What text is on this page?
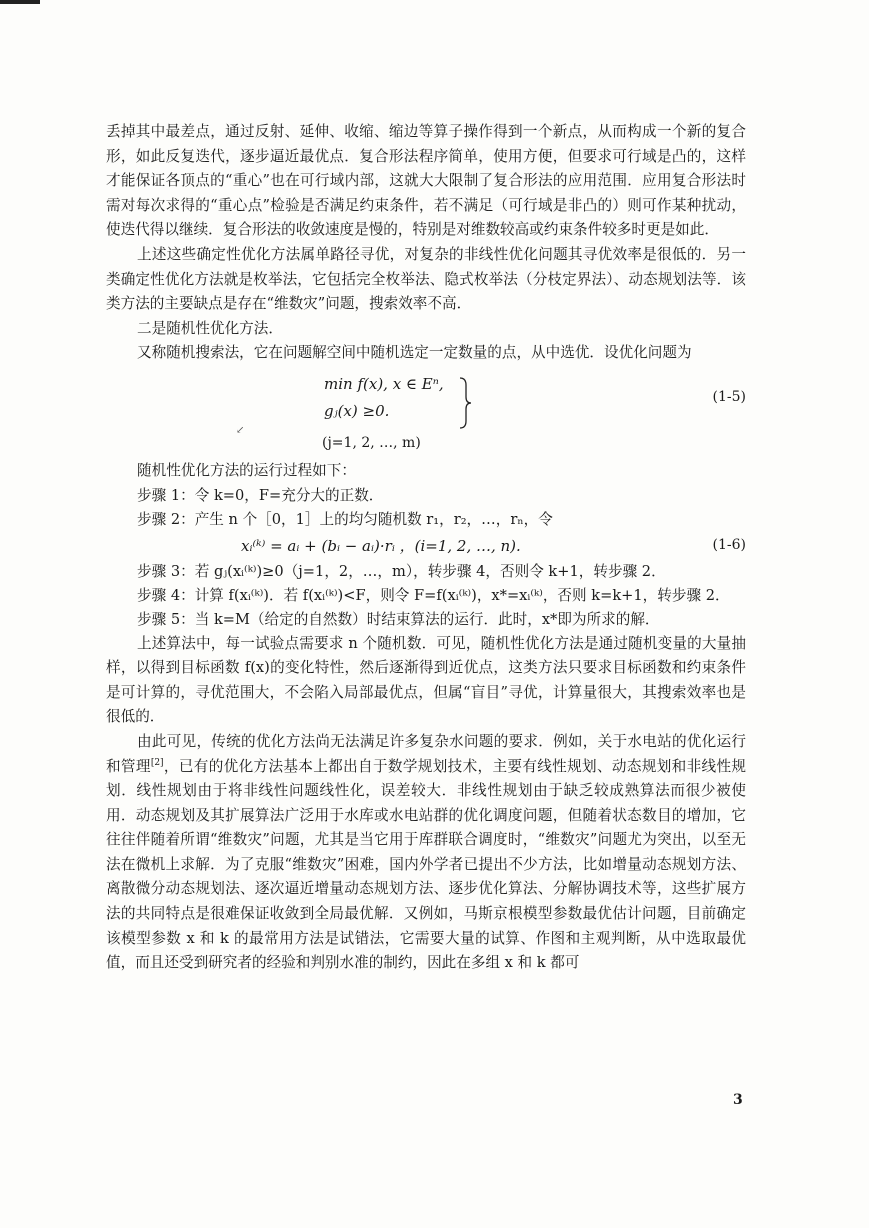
丢掉其中最差点，通过反射、延伸、收缩、缩边等算子操作得到一个新点，从而构成一个新的复合形，如此反复迭代，逐步逼近最优点．复合形法程序简单，使用方便，但要求可行域是凸的，这样才能保证各顶点的“重心”也在可行域内部，这就大大限制了复合形法的应用范围．应用复合形法时需对每次求得的“重心点”检验是否满足约束条件，若不满足（可行域是非凸的）则可作某种扰动，使迭代得以继续．复合形法的收敛速度是慢的，特别是对维数较高或约束条件较多时更是如此．

上述这些确定性优化方法属单路径寻优，对复杂的非线性优化问题其寻优效率是很低的．另一类确定性优化方法就是枚举法，它包括完全枚举法、隐式枚举法（分枝定界法）、动态规划法等．该类方法的主要缺点是存在“维数灾”问题，搜索效率不高．

二是随机性优化方法．

又称随机搜索法，它在问题解空间中随机选定一定数量的点，从中选优．设优化问题为

min f(x), x ∈ Eⁿ,
gⱼ(x) ≥0.
(1-5)
↙
(j=1, 2, …, m)

随机性优化方法的运行过程如下：

步骤 1：令 k=0，F=充分大的正数．

步骤 2：产生 n 个［0，1］上的均匀随机数 r₁，r₂，…，rₙ，令

xᵢ⁽ᵏ⁾ = aᵢ + (bᵢ − aᵢ)·rᵢ ，(i=1, 2, …, n).	(1-6)

步骤 3：若 gⱼ(xᵢ⁽ᵏ⁾)≥0（j=1，2，…，m），转步骤 4，否则令 k+1，转步骤 2．

步骤 4：计算 f(xᵢ⁽ᵏ⁾)．若 f(xᵢ⁽ᵏ⁾)<F，则令 F=f(xᵢ⁽ᵏ⁾)，x*=xᵢ⁽ᵏ⁾，否则 k=k+1，转步骤 2．

步骤 5：当 k=M（给定的自然数）时结束算法的运行．此时，x*即为所求的解．

上述算法中，每一试验点需要求 n 个随机数．可见，随机性优化方法是通过随机变量的大量抽样，以得到目标函数 f(x)的变化特性，然后逐渐得到近优点，这类方法只要求目标函数和约束条件是可计算的，寻优范围大，不会陷入局部最优点，但属“盲目”寻优，计算量很大，其搜索效率也是很低的．

由此可见，传统的优化方法尚无法满足许多复杂水问题的要求．例如，关于水电站的优化运行和管理[2]，已有的优化方法基本上都出自于数学规划技术，主要有线性规划、动态规划和非线性规划．线性规划由于将非线性问题线性化，误差较大．非线性规划由于缺乏较成熟算法而很少被使用．动态规划及其扩展算法广泛用于水库或水电站群的优化调度问题，但随着状态数目的增加，它往往伴随着所谓“维数灾”问题，尤其是当它用于库群联合调度时，“维数灾”问题尤为突出，以至无法在微机上求解．为了克服“维数灾”困难，国内外学者已提出不少方法，比如增量动态规划方法、离散微分动态规划法、逐次逼近增量动态规划方法、逐步优化算法、分解协调技术等，这些扩展方法的共同特点是很难保证收敛到全局最优解．又例如，马斯京根模型参数最优估计问题，目前确定该模型参数 x 和 k 的最常用方法是试错法，它需要大量的试算、作图和主观判断，从中选取最优值，而且还受到研究者的经验和判别水准的制约，因此在多组 x 和 k 都可

3
